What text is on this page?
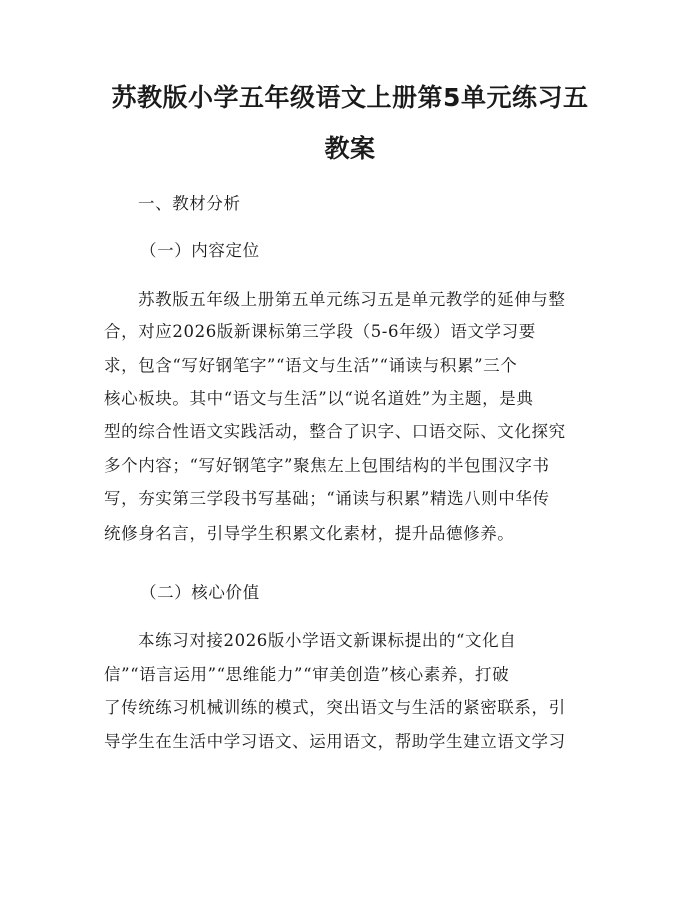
苏教版小学五年级语文上册第5单元练习五
教案

一、教材分析

（一）内容定位

苏教版五年级上册第五单元练习五是单元教学的延伸与整

合，对应2026版新课标第三学段（5-6年级）语文学习要

求，包含“写好钢笔字”“语文与生活”“诵读与积累”三个

核心板块。其中“语文与生活”以“说名道姓”为主题，是典

型的综合性语文实践活动，整合了识字、口语交际、文化探究

多个内容；“写好钢笔字”聚焦左上包围结构的半包围汉字书

写，夯实第三学段书写基础；“诵读与积累”精选八则中华传

统修身名言，引导学生积累文化素材，提升品德修养。

（二）核心价值

本练习对接2026版小学语文新课标提出的“文化自

信”“语言运用”“思维能力”“审美创造”核心素养，打破

了传统练习机械训练的模式，突出语文与生活的紧密联系，引

导学生在生活中学习语文、运用语文，帮助学生建立语文学习
